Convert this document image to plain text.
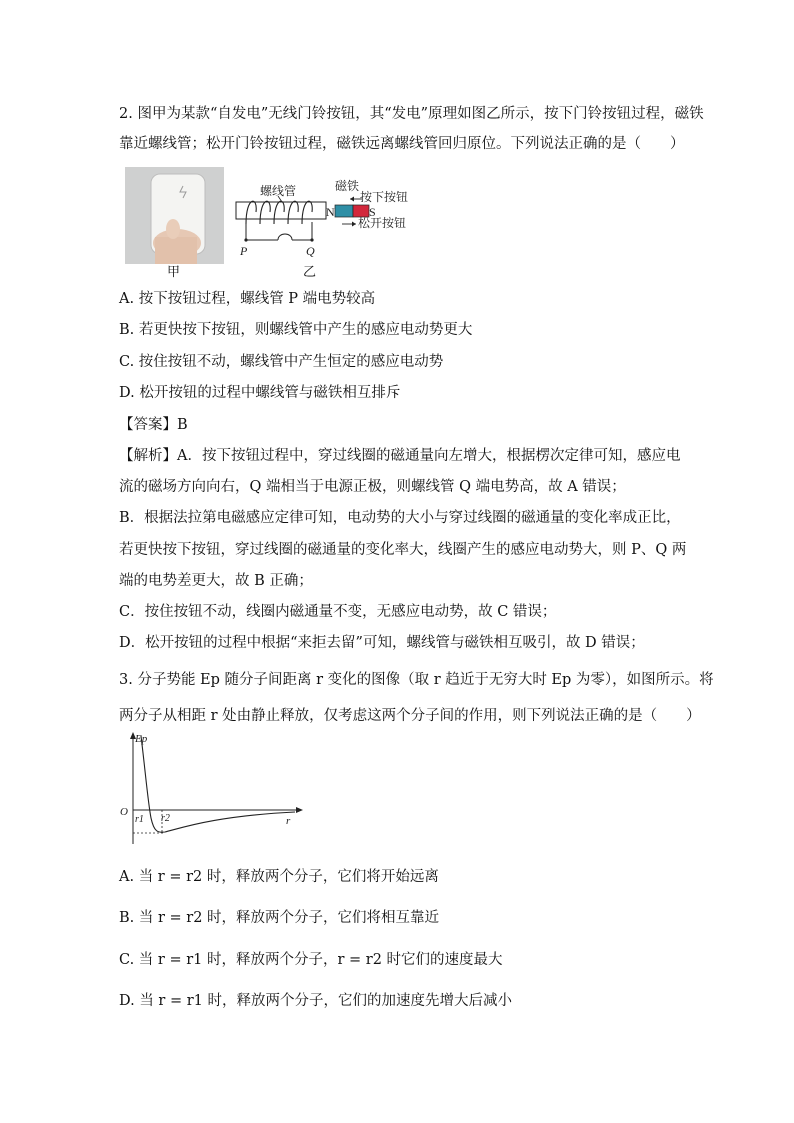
2. 图甲为某款“自发电”无线门铃按钮，其“发电”原理如图乙所示，按下门铃按钮过程，磁铁
靠近螺线管；松开门铃按钮过程，磁铁远离螺线管回归原位。下列说法正确的是（　　）
甲
螺线管
N	S
磁铁
按下按钮
松开按钮
P	Q
乙
A. 按下按钮过程，螺线管 P 端电势较高
B. 若更快按下按钮，则螺线管中产生的感应电动势更大
C. 按住按钮不动，螺线管中产生恒定的感应电动势
D. 松开按钮的过程中螺线管与磁铁相互排斥
【答案】B
【解析】A．按下按钮过程中，穿过线圈的磁通量向左增大，根据楞次定律可知，感应电
流的磁场方向向右，Q 端相当于电源正极，则螺线管 Q 端电势高，故 A 错误；
B．根据法拉第电磁感应定律可知，电动势的大小与穿过线圈的磁通量的变化率成正比，
若更快按下按钮，穿过线圈的磁通量的变化率大，线圈产生的感应电动势大，则 P、Q 两
端的电势差更大，故 B 正确；
C．按住按钮不动，线圈内磁通量不变，无感应电动势，故 C 错误；
D．松开按钮的过程中根据“来拒去留”可知，螺线管与磁铁相互吸引，故 D 错误；
3. 分子势能 Ep 随分子间距离 r 变化的图像（取 r 趋近于无穷大时 Ep 为零），如图所示。将
两分子从相距 r 处由静止释放，仅考虑这两个分子间的作用，则下列说法正确的是（　　）
Ep
r
O
r1 r2
A. 当 r = r2 时，释放两个分子，它们将开始远离
B. 当 r = r2 时，释放两个分子，它们将相互靠近
C. 当 r = r1 时，释放两个分子，r = r2 时它们的速度最大
D. 当 r = r1 时，释放两个分子，它们的加速度先增大后减小
